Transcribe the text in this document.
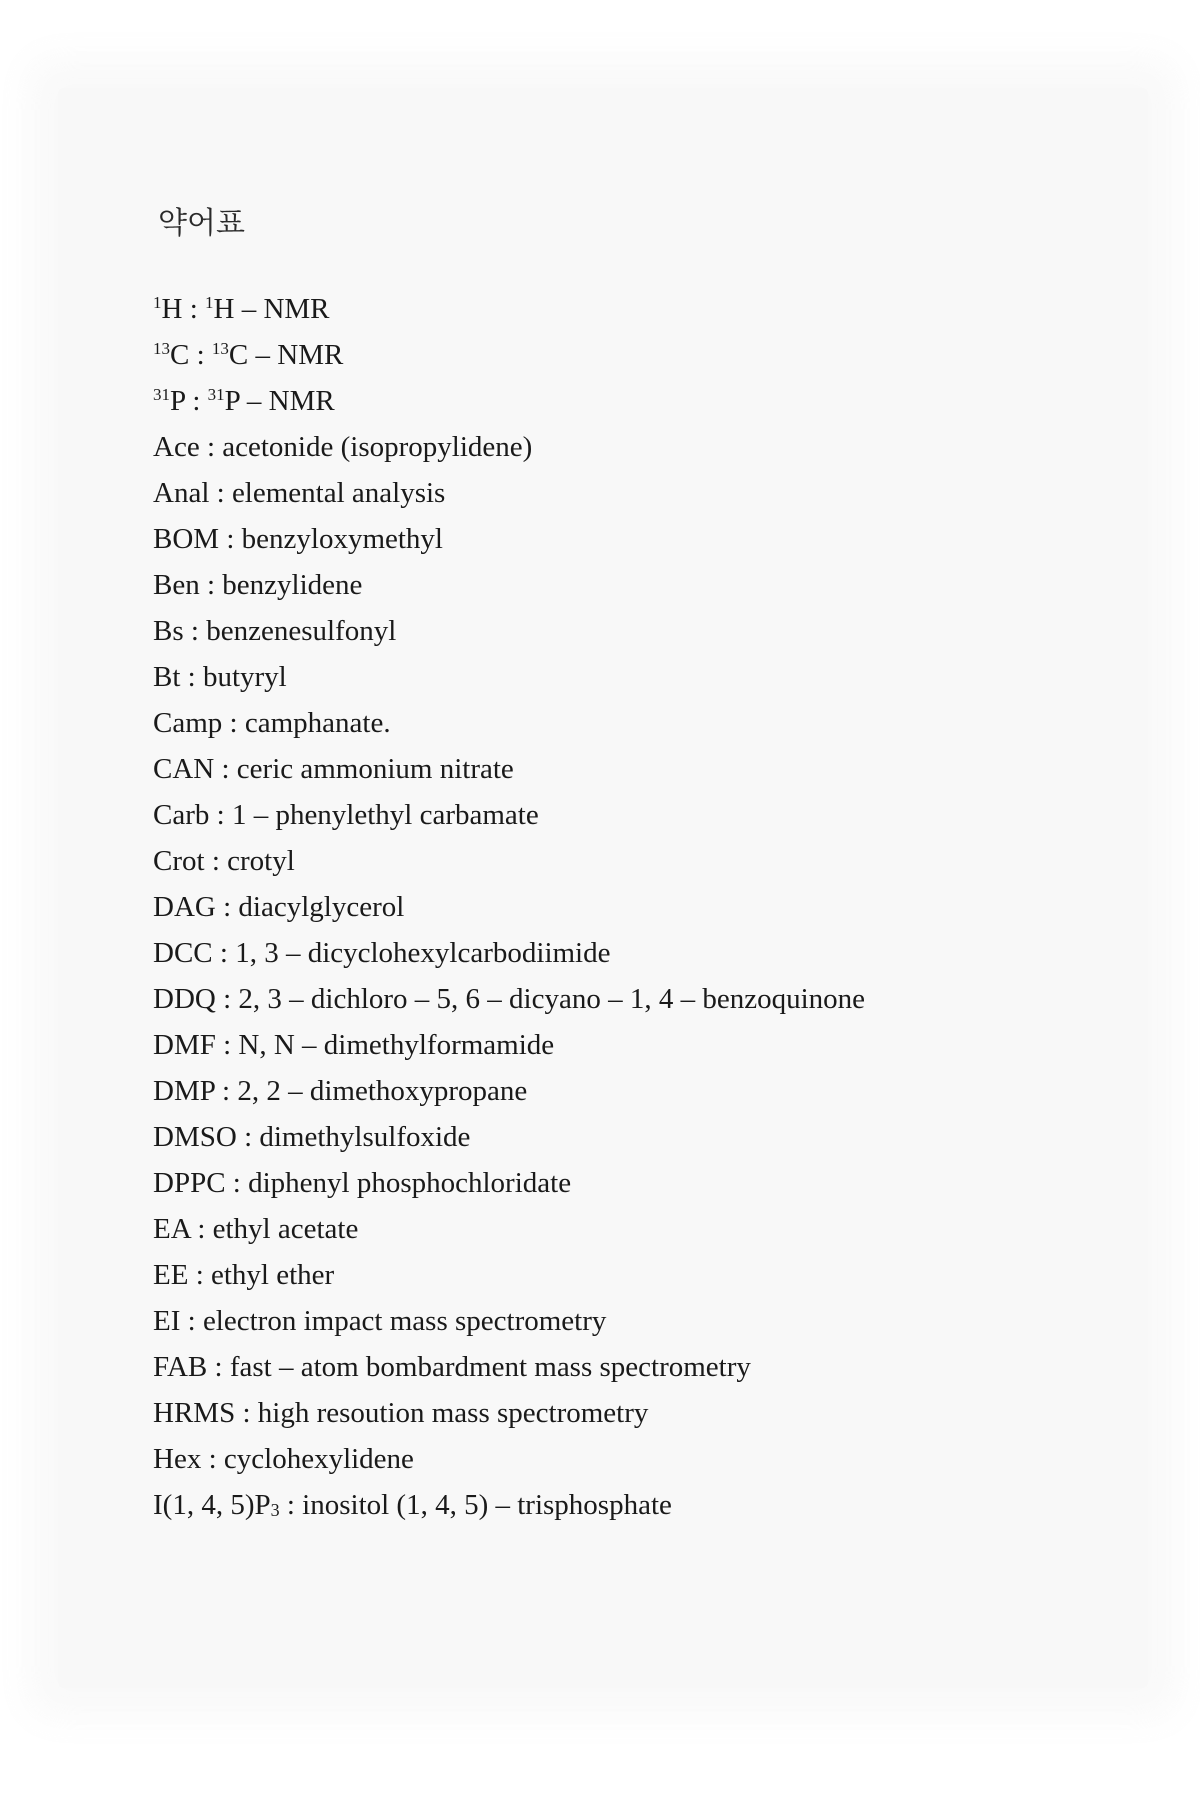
약어표
$^1$H : $^1$H – NMR
$^{13}$C : $^{13}$C – NMR
$^{31}$P : $^{31}$P – NMR
Ace : acetonide (isopropylidene)
Anal : elemental analysis
BOM : benzyloxymethyl
Ben : benzylidene
Bs : benzenesulfonyl
Bt : butyryl
Camp : camphanate.
CAN : ceric ammonium nitrate
Carb : 1 – phenylethyl carbamate
Crot : crotyl
DAG : diacylglycerol
DCC : 1, 3 – dicyclohexylcarbodiimide
DDQ : 2, 3 – dichloro – 5, 6 – dicyano – 1, 4 – benzoquinone
DMF : N, N – dimethylformamide
DMP : 2, 2 – dimethoxypropane
DMSO : dimethylsulfoxide
DPPC : diphenyl phosphochloridate
EA : ethyl acetate
EE : ethyl ether
EI : electron impact mass spectrometry
FAB : fast – atom bombardment mass spectrometry
HRMS : high resoution mass spectrometry
Hex : cyclohexylidene
I(1, 4, 5)P3 : inositol (1, 4, 5) – trisphosphate
